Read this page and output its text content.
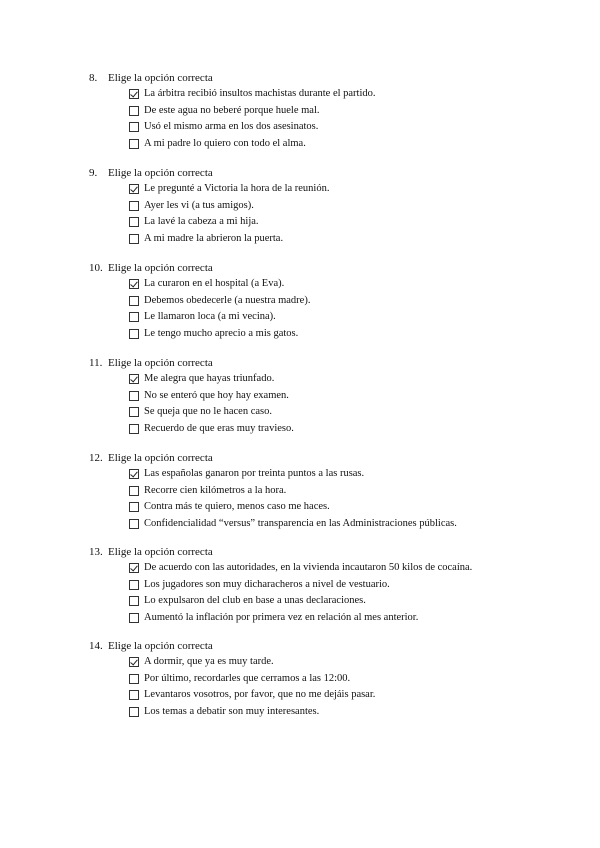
8. Elige la opción correcta
La árbitra recibió insultos machistas durante el partido.
De este agua no beberé porque huele mal.
Usó el mismo arma en los dos asesinatos.
A mi padre lo quiero con todo el alma.
9. Elige la opción correcta
Le pregunté a Victoria la hora de la reunión.
Ayer les vi (a tus amigos).
La lavé la cabeza a mi hija.
A mi madre la abrieron la puerta.
10. Elige la opción correcta
La curaron en el hospital (a Eva).
Debemos obedecerle (a nuestra madre).
Le llamaron loca (a mi vecina).
Le tengo mucho aprecio a mis gatos.
11. Elige la opción correcta
Me alegra que hayas triunfado.
No se enteró que hoy hay examen.
Se queja que no le hacen caso.
Recuerdo de que eras muy travieso.
12. Elige la opción correcta
Las españolas ganaron por treinta puntos a las rusas.
Recorre cien kilómetros a la hora.
Contra más te quiero, menos caso me haces.
Confidencialidad “versus” transparencia en las Administraciones públicas.
13. Elige la opción correcta
De acuerdo con las autoridades, en la vivienda incautaron 50 kilos de cocaína.
Los jugadores son muy dicharacheros a nivel de vestuario.
Lo expulsaron del club en base a unas declaraciones.
Aumentó la inflación por primera vez en relación al mes anterior.
14. Elige la opción correcta
A dormir, que ya es muy tarde.
Por último, recordarles que cerramos a las 12:00.
Levantaros vosotros, por favor, que no me dejáis pasar.
Los temas a debatir son muy interesantes.
